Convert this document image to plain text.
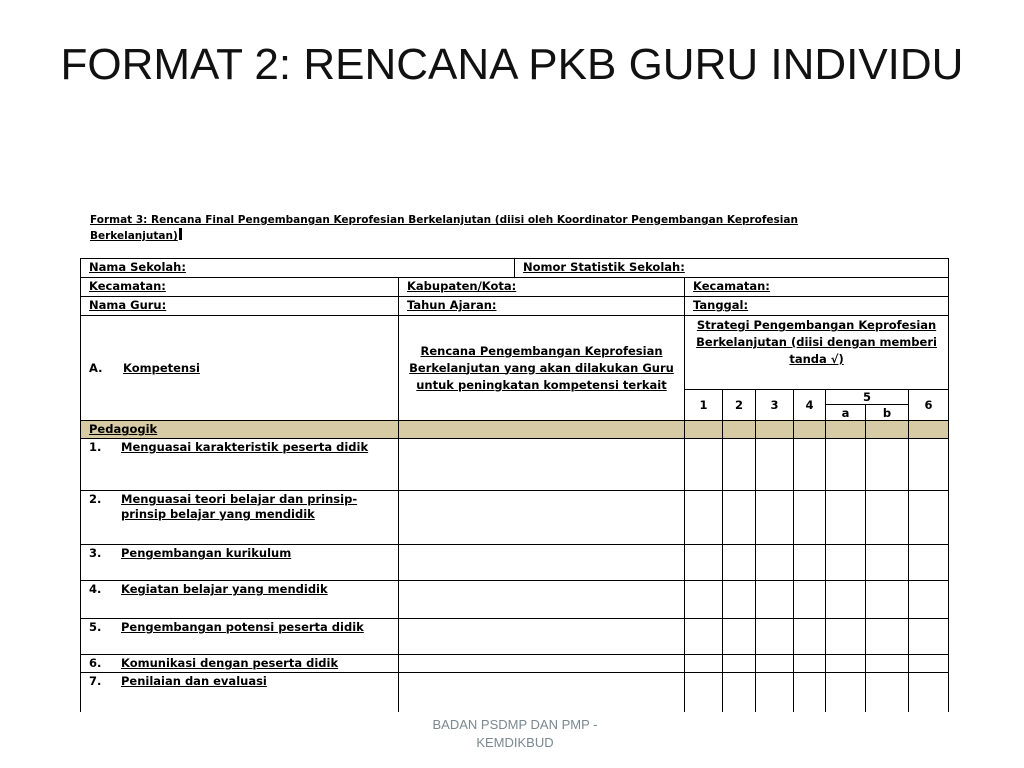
FORMAT 2: RENCANA PKB GURU INDIVIDU
Format 3: Rencana Final Pengembangan Keprofesian Berkelanjutan (diisi oleh Koordinator Pengembangan Keprofesian Berkelanjutan)
Nama Sekolah:		Nomor Statistik Sekolah:							
Kecamatan:	Kabupaten/Kota:		Kecamatan:						
Nama Guru:	Tahun Ajaran:		Tanggal:						
A. Kompetensi	Rencana Pengembangan Keprofesian Berkelanjutan yang akan dilakukan Guru untuk peningkatan kompetensi terkait		Strategi Pengembangan Keprofesian Berkelanjutan (diisi dengan memberi tanda √)						
			1	2	3	4	5		6
							a	b	
Pedagogik									

1. Menguasai karakteristik peserta didik									

2. Menguasai teori belajar dan prinsip-prinsip belajar yang mendidik									

3. Pengembangan kurikulum									

4. Kegiatan belajar yang mendidik									

5. Pengembangan potensi peserta didik									

6. Komunikasi dengan peserta didik									

7. Penilaian dan evaluasi									

BADAN PSDMP DAN PMP - KEMDIKBUD
